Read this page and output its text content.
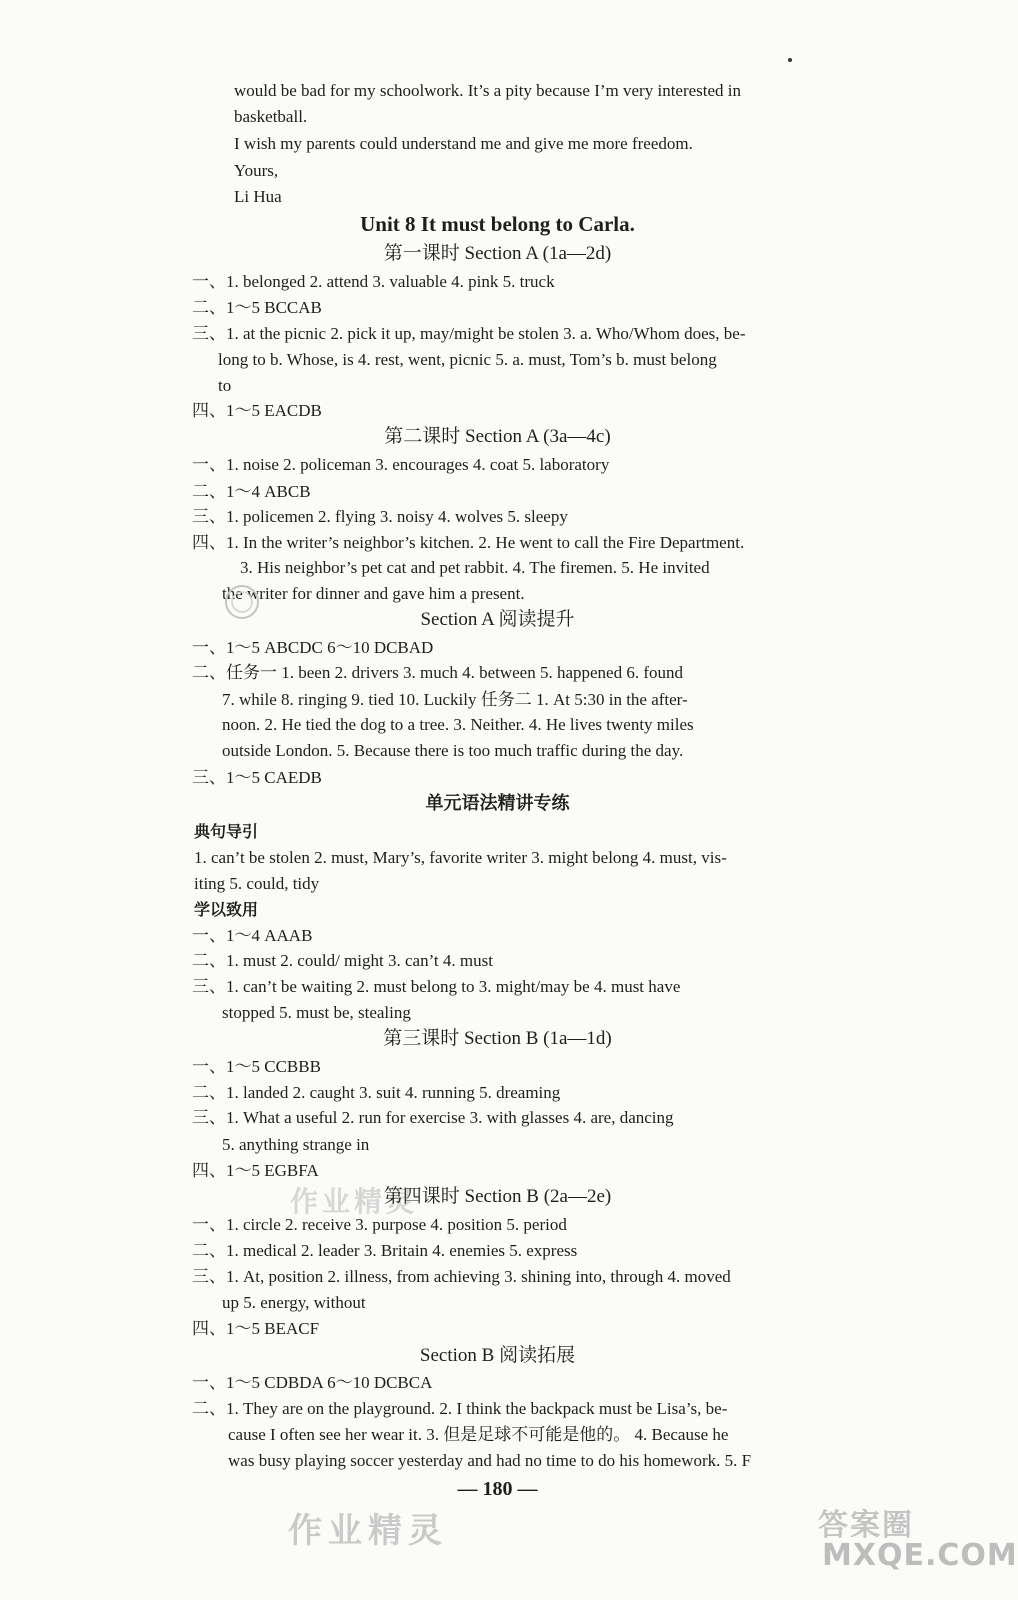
would be bad for my schoolwork. It’s a pity because I’m very interested in
basketball.
I wish my parents could understand me and give me more freedom.
Yours,
Li Hua
Unit 8 It must belong to Carla.
第一课时 Section A (1a—2d)
一、1. belonged 2. attend 3. valuable 4. pink 5. truck
二、1～5 BCCAB
三、1. at the picnic 2. pick it up, may/might be stolen 3. a. Who/Whom does, be-
long to b. Whose, is 4. rest, went, picnic 5. a. must, Tom’s b. must belong
to
四、1～5 EACDB
第二课时 Section A (3a—4c)
一、1. noise 2. policeman 3. encourages 4. coat 5. laboratory
二、1～4 ABCB
三、1. policemen 2. flying 3. noisy 4. wolves 5. sleepy
四、1. In the writer’s neighbor’s kitchen. 2. He went to call the Fire Department.
3. His neighbor’s pet cat and pet rabbit. 4. The firemen. 5. He invited
the writer for dinner and gave him a present.
Section A 阅读提升
一、1～5 ABCDC 6～10 DCBAD
二、任务一 1. been 2. drivers 3. much 4. between 5. happened 6. found
7. while 8. ringing 9. tied 10. Luckily 任务二 1. At 5:30 in the after-
noon. 2. He tied the dog to a tree. 3. Neither. 4. He lives twenty miles
outside London. 5. Because there is too much traffic during the day.
三、1～5 CAEDB
单元语法精讲专练
典句导引
1. can’t be stolen 2. must, Mary’s, favorite writer 3. might belong 4. must, vis-
iting 5. could, tidy
学以致用
一、1～4 AAAB
二、1. must 2. could/ might 3. can’t 4. must
三、1. can’t be waiting 2. must belong to 3. might/may be 4. must have
stopped 5. must be, stealing
第三课时 Section B (1a—1d)
一、1～5 CCBBB
二、1. landed 2. caught 3. suit 4. running 5. dreaming
三、1. What a useful 2. run for exercise 3. with glasses 4. are, dancing
5. anything strange in
四、1～5 EGBFA
作业精灵
第四课时 Section B (2a—2e)
一、1. circle 2. receive 3. purpose 4. position 5. period
二、1. medical 2. leader 3. Britain 4. enemies 5. express
三、1. At, position 2. illness, from achieving 3. shining into, through 4. moved
up 5. energy, without
四、1～5 BEACF
Section B 阅读拓展
一、1～5 CDBDA 6～10 DCBCA
二、1. They are on the playground. 2. I think the backpack must be Lisa’s, be-
cause I often see her wear it. 3. 但是足球不可能是他的。 4. Because he
was busy playing soccer yesterday and had no time to do his homework. 5. F
— 180 —
作业精灵	答案圈
MXQE.COM
